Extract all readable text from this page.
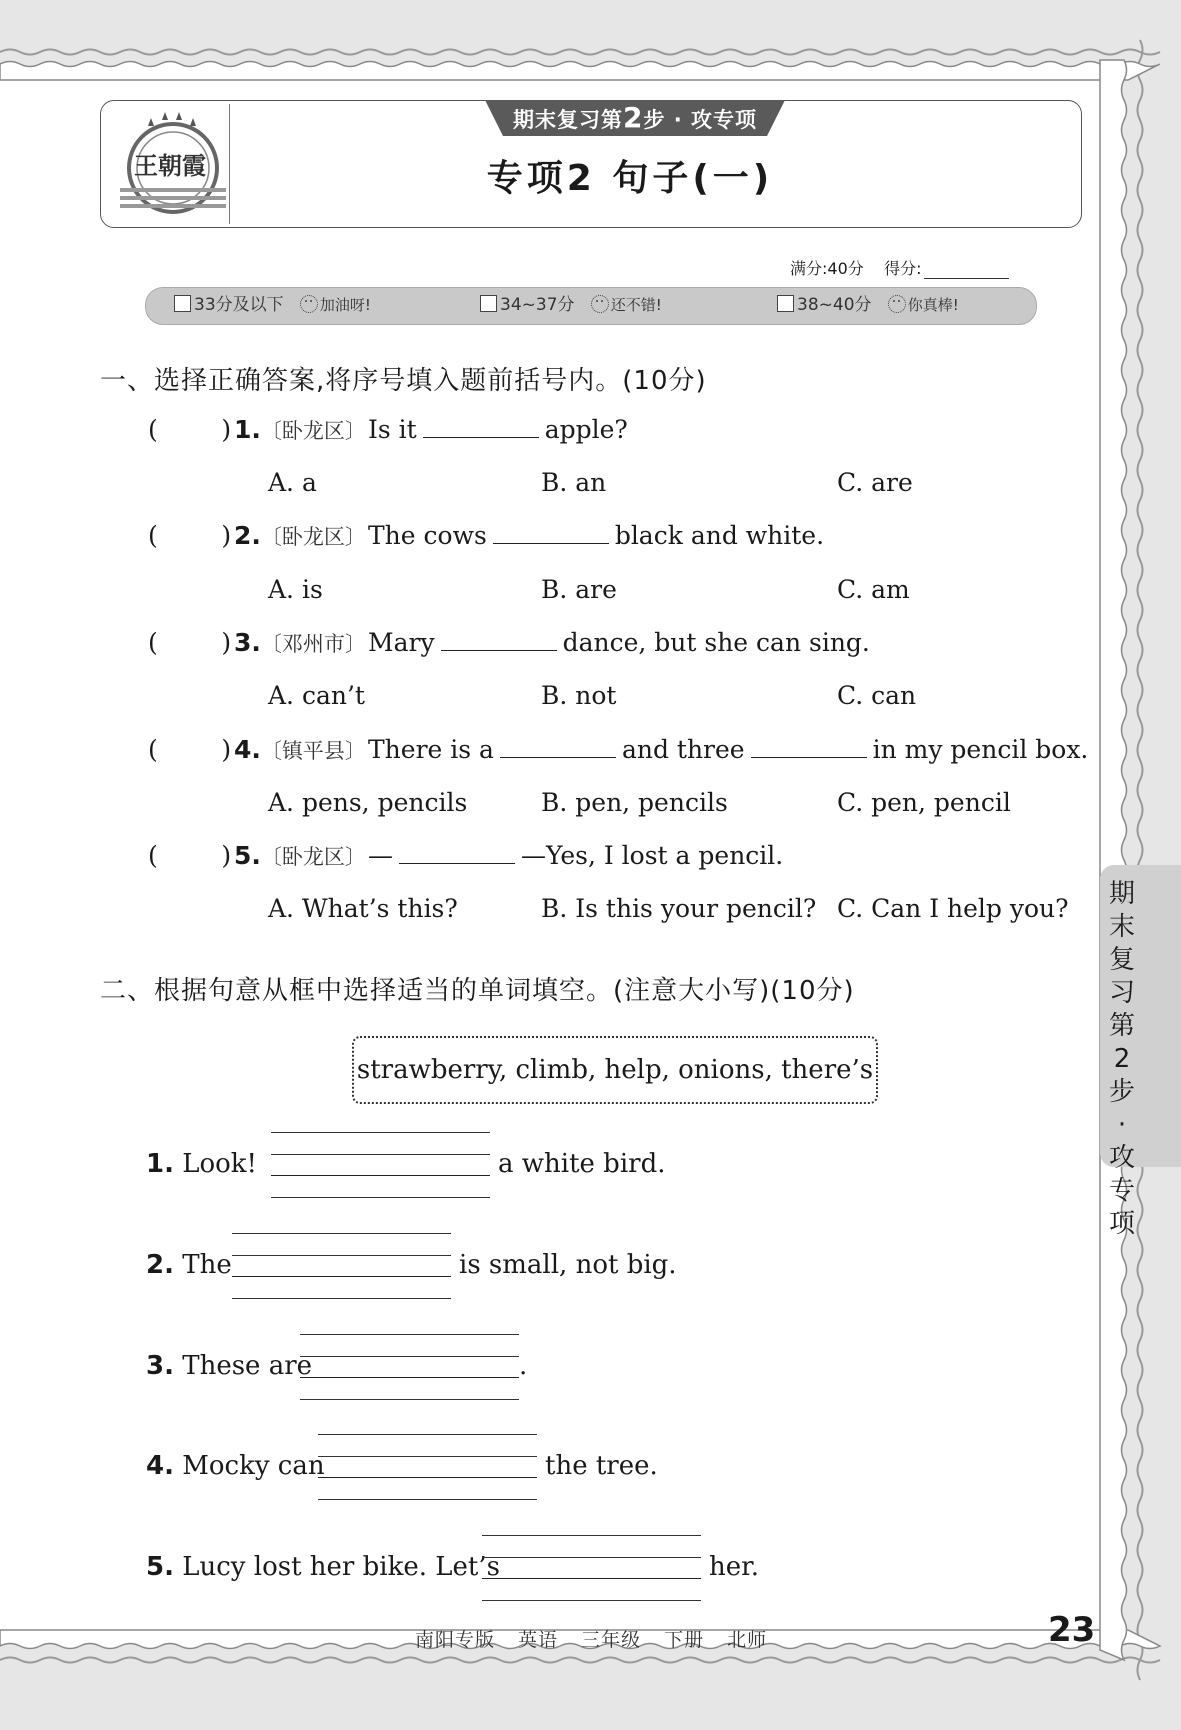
期末复习第2步 · 攻专项
专项2 句子(一)
王朝霞
满分:40分 得分:
33分及以下 加油呀!	34~37分 还不错!	38~40分 你真棒!
一、选择正确答案,将序号填入题前括号内。(10分)
(        ) 1.〔卧龙区〕 Is it	apple?
A. a	B. an	C. are
(        ) 2.〔卧龙区〕 The cows	black and white.
A. is	B. are	C. am
(        ) 3.〔邓州市〕 Mary	dance, but she can sing.
A. can’t	B. not	C. can
(        ) 4.〔镇平县〕 There is a	and three	in my pencil box.
A. pens, pencils	B. pen, pencils	C. pen, pencil
(        ) 5.〔卧龙区〕 —	—Yes, I lost a pencil.
A. What’s this?	B. Is this your pencil? C. Can I help you?
二、根据句意从框中选择适当的单词填空。(注意大小写)(10分)
strawberry, climb, help, onions, there’s
1. Look!	a white bird.
2. The	is small, not big.
3. These are	.
4. Mocky can	the tree.
5. Lucy lost her bike. Let’s	her.
期末复习第2步·攻专项
南阳专版 英语 三年级 下册 北师	23
